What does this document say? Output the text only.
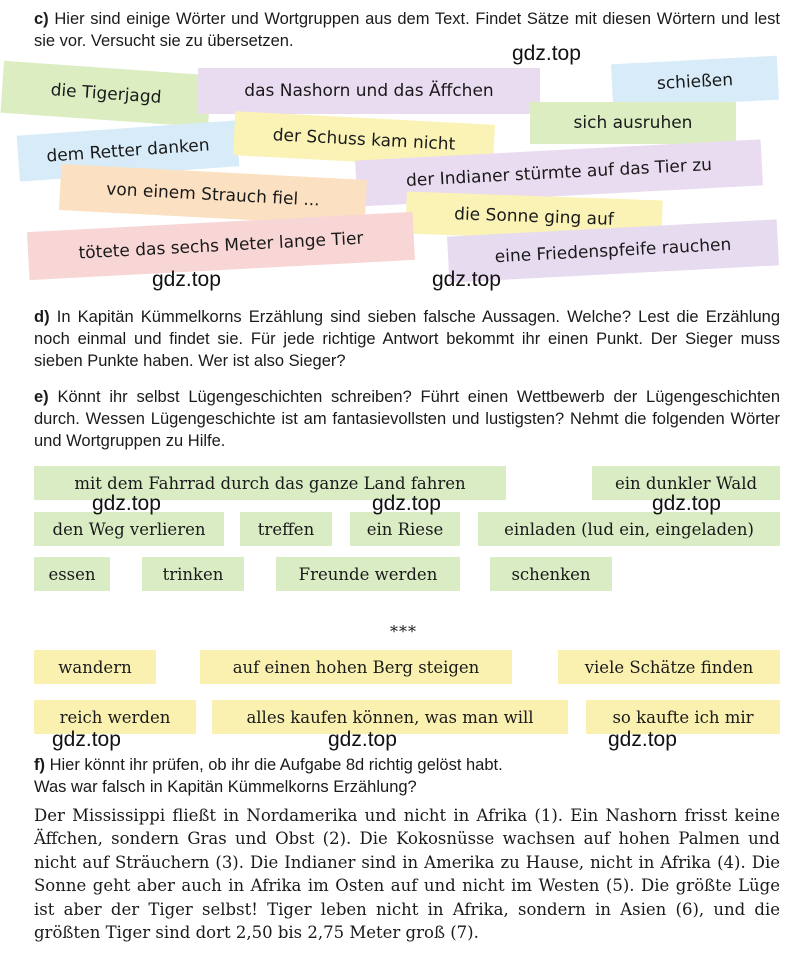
c) Hier sind einige Wörter und Wortgruppen aus dem Text. Findet Sätze mit diesen Wörtern und lest sie vor. Versucht sie zu übersetzen.

die Tigerjagd	das Nashorn und das Äffchen	schießen
sich ausruhen
dem Retter danken	der Schuss kam nicht
der Indianer stürmte auf das Tier zu
von einem Strauch fiel ...
die Sonne ging auf
tötete das sechs Meter lange Tier	eine Friedenspfeife rauchen
gdz.top
gdz.top	gdz.top

d) In Kapitän Kümmelkorns Erzählung sind sieben falsche Aussagen. Welche? Lest die Erzählung noch einmal und findet sie. Für jede richtige Antwort bekommt ihr einen Punkt. Der Sieger muss sieben Punkte haben. Wer ist also Sieger?

e) Könnt ihr selbst Lügengeschichten schreiben? Führt einen Wettbewerb der Lügengeschichten durch. Wessen Lügengeschichte ist am fantasievollsten und lustigsten? Nehmt die folgenden Wörter und Wortgruppen zu Hilfe.

mit dem Fahrrad durch das ganze Land fahren	ein dunkler Wald
den Weg verlieren	treffen	ein Riese	einladen (lud ein, eingeladen)
essen	trinken	Freunde werden	schenken
gdz.top	gdz.top	gdz.top
***
wandern	auf einen hohen Berg steigen	viele Schätze finden
reich werden	alles kaufen können, was man will	so kaufte ich mir
gdz.top	gdz.top	gdz.top

f) Hier könnt ihr prüfen, ob ihr die Aufgabe 8d richtig gelöst habt.
Was war falsch in Kapitän Kümmelkorns Erzählung?

Der Mississippi fließt in Nordamerika und nicht in Afrika (1). Ein Nashorn frisst keine Äffchen, sondern Gras und Obst (2). Die Kokosnüsse wachsen auf hohen Palmen und nicht auf Sträuchern (3). Die Indianer sind in Amerika zu Hause, nicht in Afrika (4). Die Sonne geht aber auch in Afrika im Osten auf und nicht im Westen (5). Die größte Lüge ist aber der Tiger selbst! Tiger leben nicht in Afrika, sondern in Asien (6), und die größten Tiger sind dort 2,50 bis 2,75 Meter groß (7).
